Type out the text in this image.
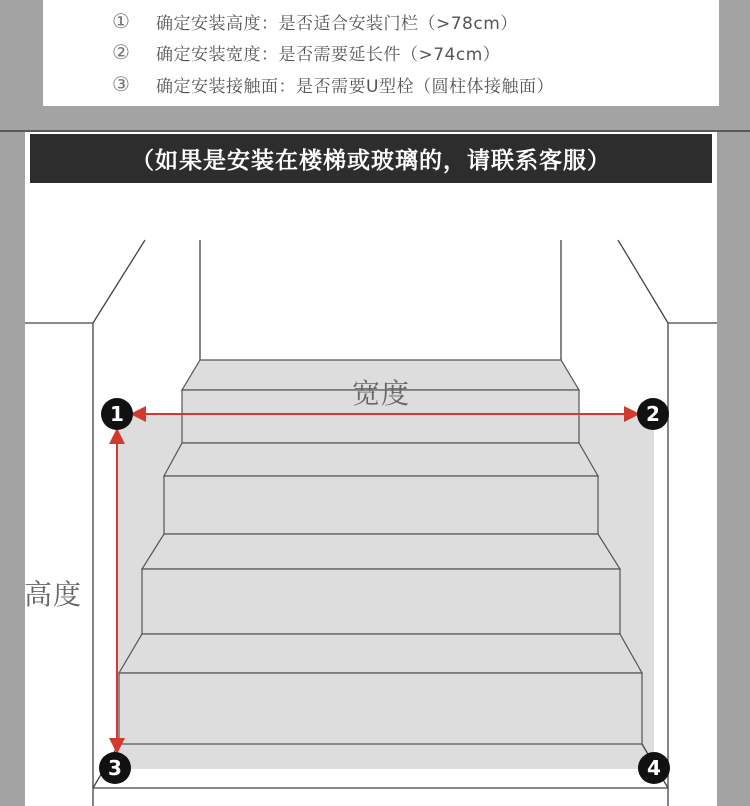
①	确定安装高度：是否适合安装门栏（>78cm）
②	确定安装宽度：是否需要延长件（>74cm）
③	确定安装接触面：是否需要U型栓（圆柱体接触面）
（如果是安装在楼梯或玻璃的，请联系客服）
宽度
高度
1	2
3	4
